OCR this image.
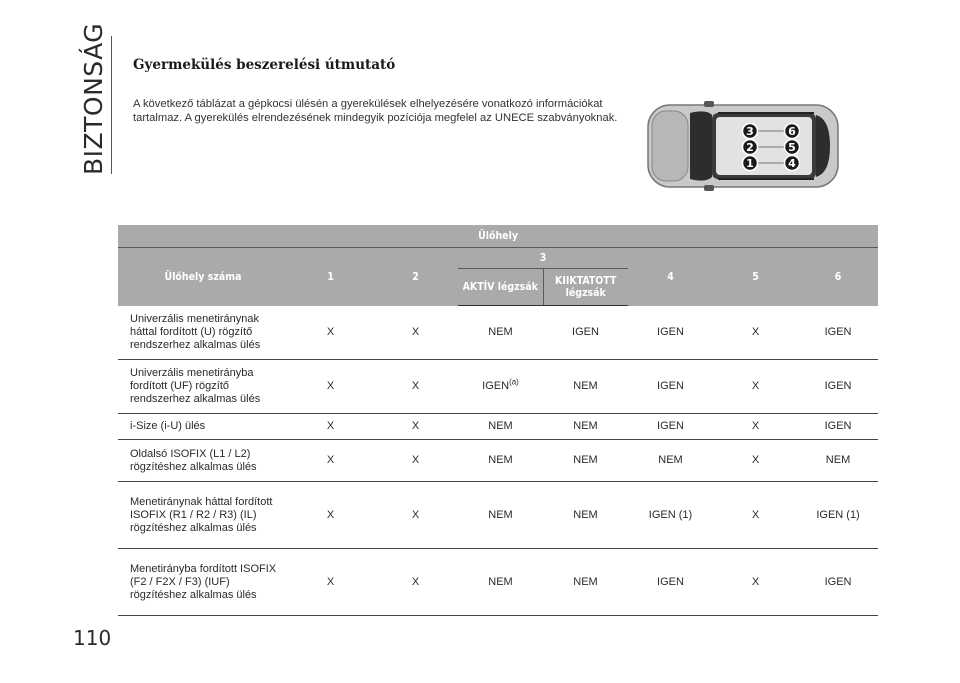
BIZTONSÁG
110
Gyermekülés beszerelési útmutató

A következő táblázat a gépkocsi ülésén a gyerekülések elhelyezésére vonatkozó információkat tartalmaz. A gyerekülés elrendezésének mindegyik pozíciója megfelel az UNECE szabványoknak.

3	6
2	5
1	4
Ülőhely							
Ülőhely száma	1	2	3		4	5	6
			AKTÍV légzsák	KIIKTATOTT légzsák			
Univerzális menetiránynak háttal fordított (U) rögzítő rendszerhez alkalmas ülés	X	X	NEM	IGEN	IGEN	X	IGEN
Univerzális menetirányba fordított (UF) rögzítő rendszerhez alkalmas ülés	X	X	IGEN$^{(a)}$	NEM	IGEN	X	IGEN
i-Size (i-U) ülés	X	X	NEM	NEM	IGEN	X	IGEN
Oldalsó ISOFIX (L1 / L2) rögzítéshez alkalmas ülés	X	X	NEM	NEM	NEM	X	NEM
Menetiránynak háttal fordított ISOFIX (R1 / R2 / R3) (IL) rögzítéshez alkalmas ülés	X	X	NEM	NEM	IGEN (1)	X	IGEN (1)
Menetirányba fordított ISOFIX (F2 / F2X / F3) (IUF) rögzítéshez alkalmas ülés	X	X	NEM	NEM	IGEN	X	IGEN
